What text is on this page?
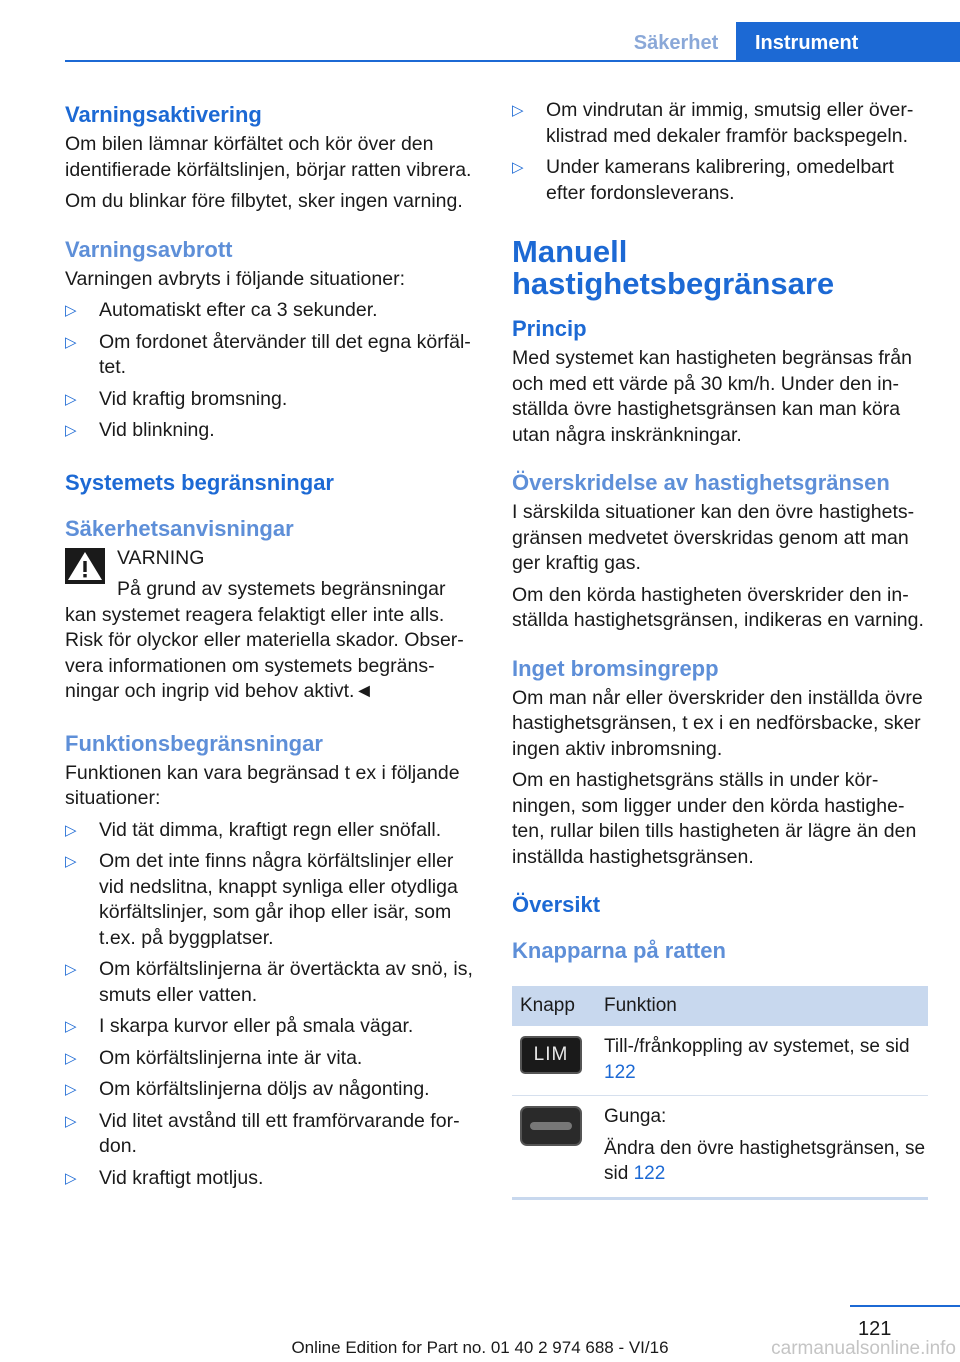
Säkerhet	Instrument
Varningsaktivering

Om bilen lämnar körfältet och kör över den identifierade körfältslinjen, börjar ratten vibrera.

Om du blinkar före filbytet, sker ingen varning.

Varningsavbrott

Varningen avbryts i följande situationer:

▷ Automatiskt efter ca 3 sekunder.
▷ Om fordonet återvänder till det egna körfältet.
▷ Vid kraftig bromsning.
▷ Vid blinkning.
Systemets begränsningar
Säkerhetsanvisningar
VARNING

På grund av systemets begränsningar
kan systemet reagera felaktigt eller inte alls. Risk för olyckor eller materiella skador. Observera informationen om systemets begränsningar och ingrip vid behov aktivt.◄

Funktionsbegränsningar

Funktionen kan vara begränsad t ex i följande situationer:

▷ Vid tät dimma, kraftigt regn eller snöfall.
▷ Om det inte finns några körfältslinjer eller vid nedslitna, knappt synliga eller otydliga körfältslinjer, som går ihop eller isär, som t.ex. på byggplatser.
▷ Om körfältslinjerna är övertäckta av snö, is, smuts eller vatten.
▷ I skarpa kurvor eller på smala vägar.
▷ Om körfältslinjerna inte är vita.
▷ Om körfältslinjerna döljs av någonting.
▷ Vid litet avstånd till ett framförvarande fordon.
▷ Vid kraftigt motljus.
▷ Om vindrutan är immig, smutsig eller överklistrad med dekaler framför backspegeln.
▷ Under kamerans kalibrering, omedelbart efter fordonsleverans.
Manuell hastighetsbegränsare
Princip

Med systemet kan hastigheten begränsas från och med ett värde på 30 km/h. Under den inställda övre hastighetsgränsen kan man köra utan några inskränkningar.

Överskridelse av hastighetsgränsen

I särskilda situationer kan den övre hastighetsgränsen medvetet överskridas genom att man ger kraftig gas.

Om den körda hastigheten överskrider den inställda hastighetsgränsen, indikeras en varning.

Inget bromsingrepp

Om man når eller överskrider den inställda övre hastighetsgränsen, t ex i en nedförsbacke, sker ingen aktiv inbromsning.

Om en hastighetsgräns ställs in under körningen, som ligger under den körda hastigheten, rullar bilen tills hastigheten är lägre än den inställda hastighetsgränsen.

Översikt
Knapparna på ratten
Knapp	Funktion

LIM	Till-/frånkoppling av systemet, se sid 122

	Gunga:
Ändra den övre hastighetsgränsen, se sid 122
121
Online Edition for Part no. 01 40 2 974 688 - VI/16	carmanualsonline.info
